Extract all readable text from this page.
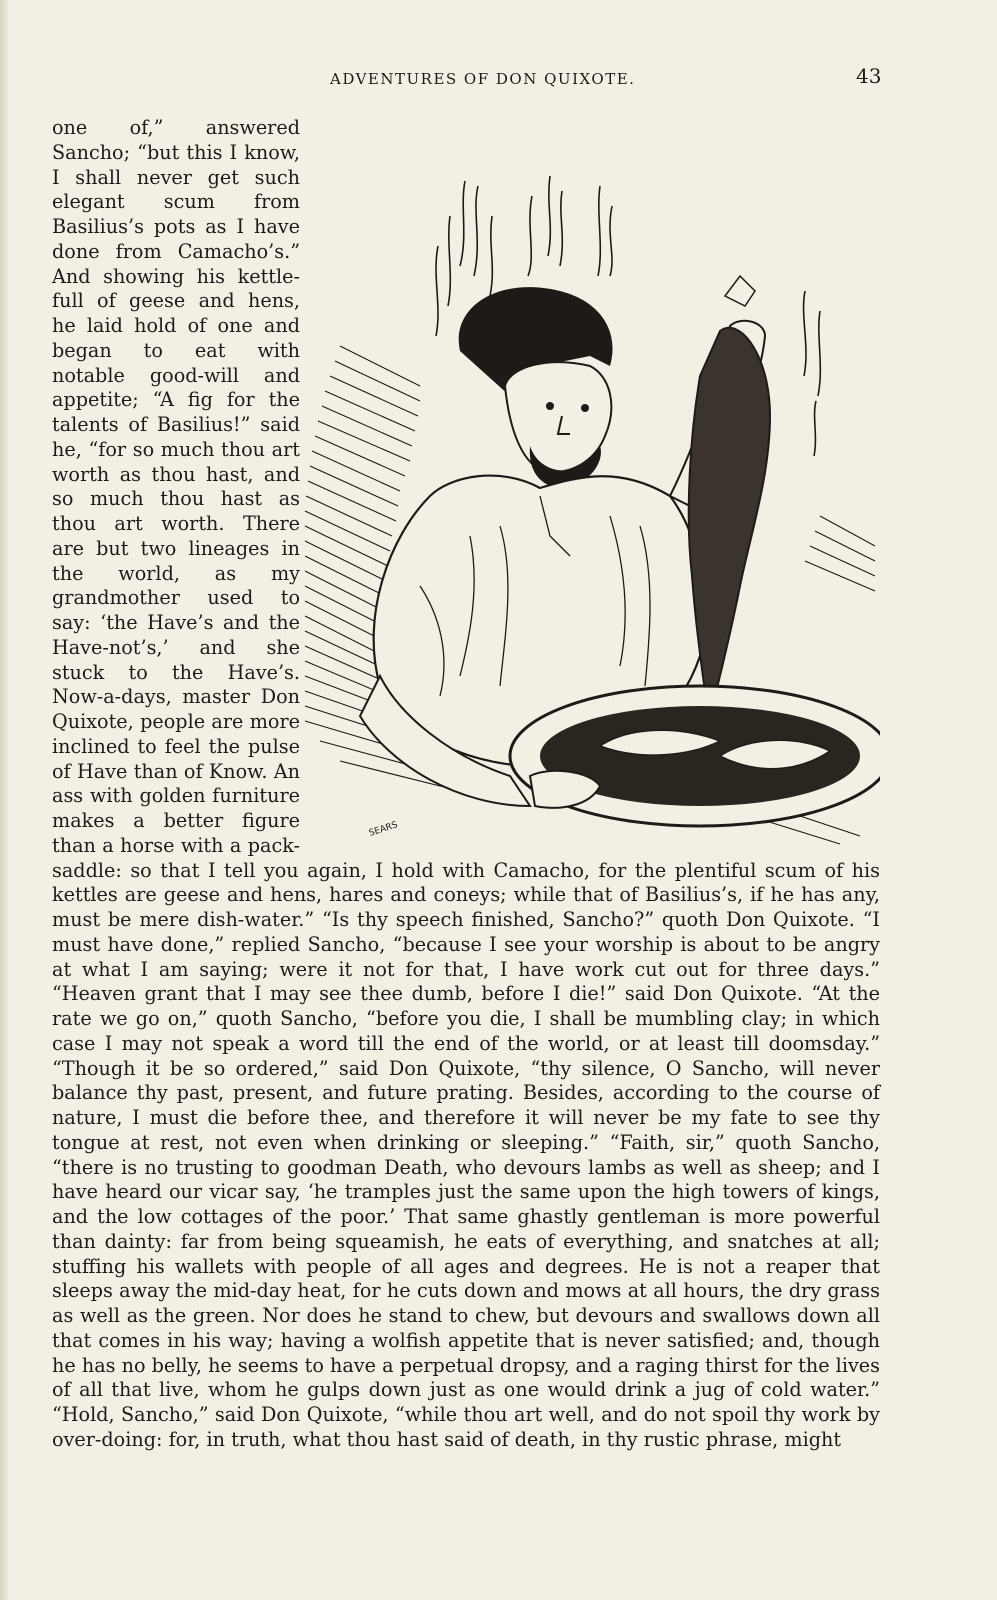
ADVENTURES OF DON QUIXOTE.	43
SEARS

one of,” answered Sancho; “but this I know, I shall never get such elegant scum from Basilius’s pots as I have done from Camacho’s.” And showing his kettle-full of geese and hens, he laid hold of one and began to eat with notable good-will and appetite; “A fig for the talents of Basilius!” said he, “for so much thou art worth as thou hast, and so much thou hast as thou art worth. There are but two lineages in the world, as my grandmother used to say: ‘the Have’s and the Have-not’s,’ and she stuck to the Have’s. Now-a-days, master Don Quixote, people are more inclined to feel the pulse of Have than of Know. An ass with golden furniture makes a better figure than a horse with a pack-saddle: so that I tell you again, I hold with Camacho, for the plentiful scum of his kettles are geese and hens, hares and coneys; while that of Basilius’s, if he has any, must be mere dish-water.” “Is thy speech finished, Sancho?” quoth Don Quixote. “I must have done,” replied Sancho, “because I see your worship is about to be angry at what I am saying; were it not for that, I have work cut out for three days.” “Heaven grant that I may see thee dumb, before I die!” said Don Quixote. “At the rate we go on,” quoth Sancho, “before you die, I shall be mumbling clay; in which case I may not speak a word till the end of the world, or at least till doomsday.” “Though it be so ordered,” said Don Quixote, “thy silence, O Sancho, will never balance thy past, present, and future prating. Besides, according to the course of nature, I must die before thee, and therefore it will never be my fate to see thy tongue at rest, not even when drinking or sleeping.” “Faith, sir,” quoth Sancho, “there is no trusting to goodman Death, who devours lambs as well as sheep; and I have heard our vicar say, ‘he tramples just the same upon the high towers of kings, and the low cottages of the poor.’ That same ghastly gentleman is more powerful than dainty: far from being squeamish, he eats of everything, and snatches at all; stuffing his wallets with people of all ages and degrees. He is not a reaper that sleeps away the mid-day heat, for he cuts down and mows at all hours, the dry grass as well as the green. Nor does he stand to chew, but devours and swallows down all that comes in his way; having a wolfish appetite that is never satisfied; and, though he has no belly, he seems to have a perpetual dropsy, and a raging thirst for the lives of all that live, whom he gulps down just as one would drink a jug of cold water.” “Hold, Sancho,” said Don Quixote, “while thou art well, and do not spoil thy work by over-doing: for, in truth, what thou hast said of death, in thy rustic phrase, might
